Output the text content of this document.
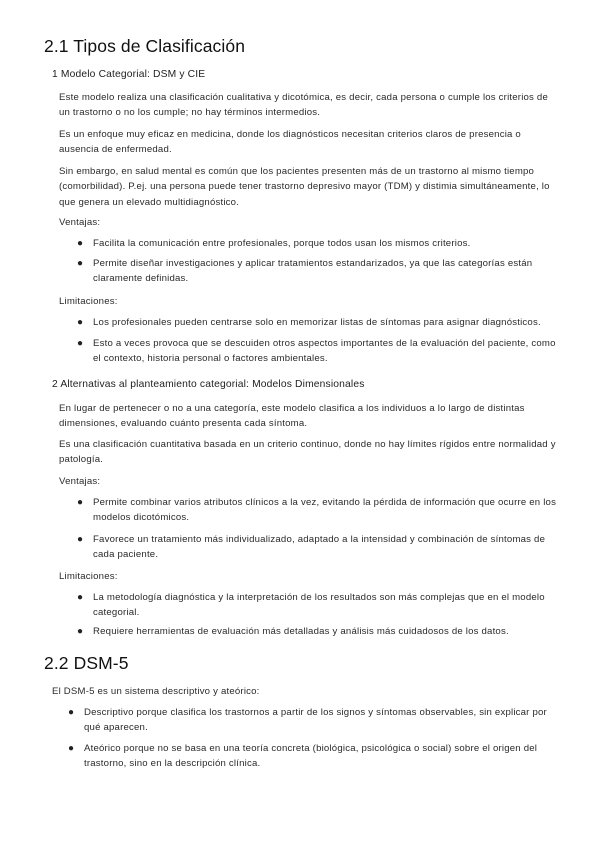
2.1 Tipos de Clasificación

1 Modelo Categorial: DSM y CIE

Este modelo realiza una clasificación cualitativa y dicotómica, es decir, cada persona o cumple los criterios de un trastorno o no los cumple; no hay términos intermedios.

Es un enfoque muy eficaz en medicina, donde los diagnósticos necesitan criterios claros de presencia o ausencia de enfermedad.

Sin embargo, en salud mental es común que los pacientes presenten más de un trastorno al mismo tiempo (comorbilidad). P.ej. una persona puede tener trastorno depresivo mayor (TDM) y distimia simultáneamente, lo que genera un elevado multidiagnóstico.

Ventajas:

●	Facilita la comunicación entre profesionales, porque todos usan los mismos criterios.
●	Permite diseñar investigaciones y aplicar tratamientos estandarizados, ya que las categorías están claramente definidas.

Limitaciones:

●	Los profesionales pueden centrarse solo en memorizar listas de síntomas para asignar diagnósticos.
●	Esto a veces provoca que se descuiden otros aspectos importantes de la evaluación del paciente, como el contexto, historia personal o factores ambientales.

2 Alternativas al planteamiento categorial: Modelos Dimensionales

En lugar de pertenecer o no a una categoría, este modelo clasifica a los individuos a lo largo de distintas dimensiones, evaluando cuánto presenta cada síntoma.

Es una clasificación cuantitativa basada en un criterio continuo, donde no hay límites rígidos entre normalidad y patología.

Ventajas:

●	Permite combinar varios atributos clínicos a la vez, evitando la pérdida de información que ocurre en los modelos dicotómicos.
●	Favorece un tratamiento más individualizado, adaptado a la intensidad y combinación de síntomas de cada paciente.

Limitaciones:

●	La metodología diagnóstica y la interpretación de los resultados son más complejas que en el modelo categorial.
●	Requiere herramientas de evaluación más detalladas y análisis más cuidadosos de los datos.
2.2 DSM-5

El DSM-5 es un sistema descriptivo y ateórico:

●	Descriptivo porque clasifica los trastornos a partir de los signos y síntomas observables, sin explicar por qué aparecen.
●	Ateórico porque no se basa en una teoría concreta (biológica, psicológica o social) sobre el origen del trastorno, sino en la descripción clínica.
